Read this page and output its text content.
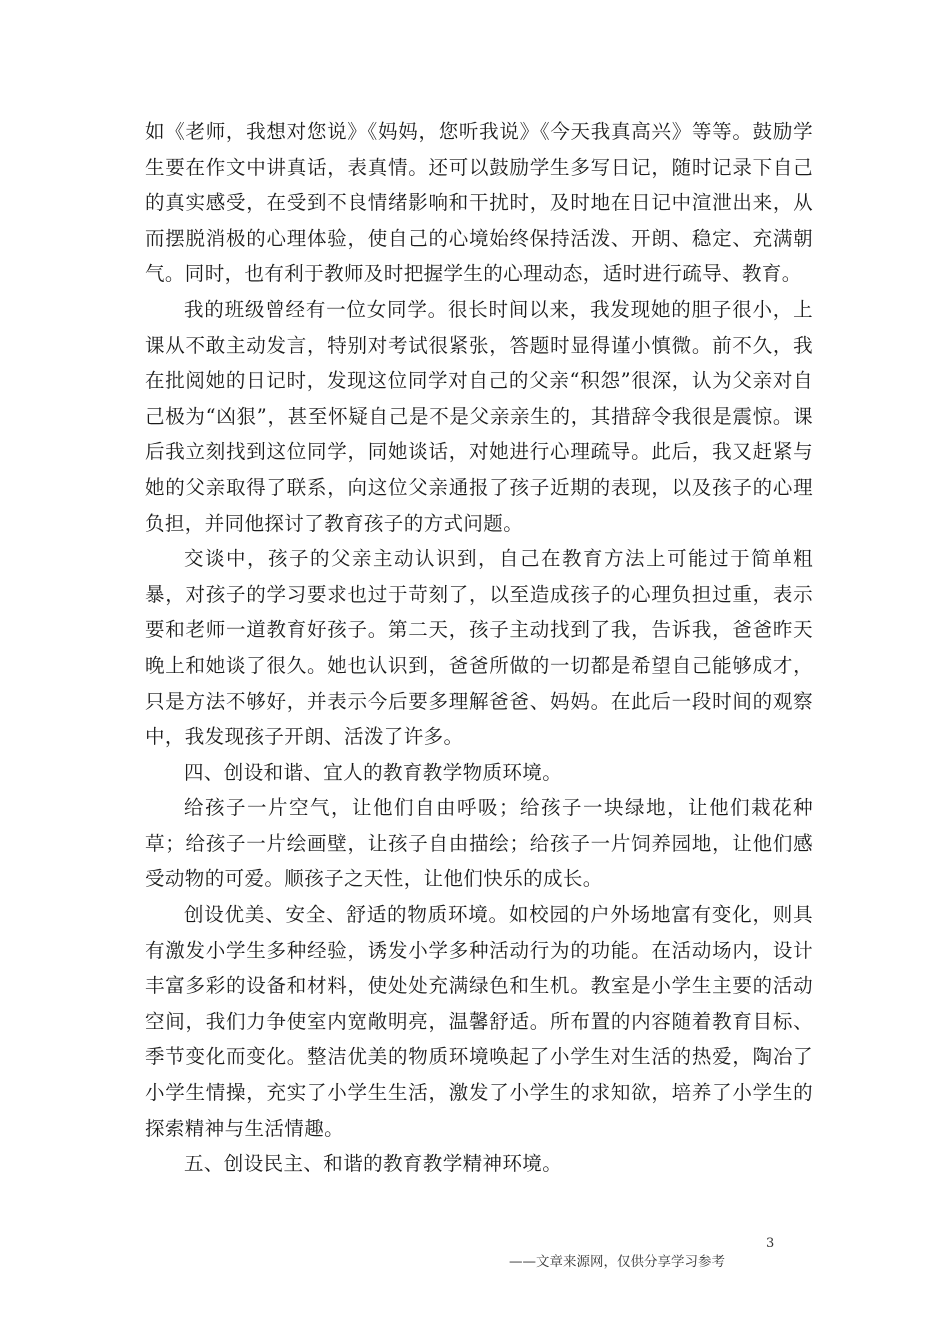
如《老师，我想对您说》《妈妈，您听我说》《今天我真高兴》等等。鼓励学生要在作文中讲真话，表真情。还可以鼓励学生多写日记，随时记录下自己的真实感受，在受到不良情绪影响和干扰时，及时地在日记中渲泄出来，从而摆脱消极的心理体验，使自己的心境始终保持活泼、开朗、稳定、充满朝气。同时，也有利于教师及时把握学生的心理动态，适时进行疏导、教育。

我的班级曾经有一位女同学。很长时间以来，我发现她的胆子很小，上课从不敢主动发言，特别对考试很紧张，答题时显得谨小慎微。前不久，我在批阅她的日记时，发现这位同学对自己的父亲“积怨”很深，认为父亲对自己极为“凶狠”，甚至怀疑自己是不是父亲亲生的，其措辞令我很是震惊。课后我立刻找到这位同学，同她谈话，对她进行心理疏导。此后，我又赶紧与她的父亲取得了联系，向这位父亲通报了孩子近期的表现，以及孩子的心理负担，并同他探讨了教育孩子的方式问题。

交谈中，孩子的父亲主动认识到，自己在教育方法上可能过于简单粗暴，对孩子的学习要求也过于苛刻了，以至造成孩子的心理负担过重，表示要和老师一道教育好孩子。第二天，孩子主动找到了我，告诉我，爸爸昨天晚上和她谈了很久。她也认识到，爸爸所做的一切都是希望自己能够成才，只是方法不够好，并表示今后要多理解爸爸、妈妈。在此后一段时间的观察中，我发现孩子开朗、活泼了许多。

四、创设和谐、宜人的教育教学物质环境。

给孩子一片空气，让他们自由呼吸；给孩子一块绿地，让他们栽花种草；给孩子一片绘画壁，让孩子自由描绘；给孩子一片饲养园地，让他们感受动物的可爱。顺孩子之天性，让他们快乐的成长。

创设优美、安全、舒适的物质环境。如校园的户外场地富有变化，则具有激发小学生多种经验，诱发小学多种活动行为的功能。在活动场内，设计丰富多彩的设备和材料，使处处充满绿色和生机。教室是小学生主要的活动空间，我们力争使室内宽敞明亮，温馨舒适。所布置的内容随着教育目标、季节变化而变化。整洁优美的物质环境唤起了小学生对生活的热爱，陶冶了小学生情操，充实了小学生生活，激发了小学生的求知欲，培养了小学生的探索精神与生活情趣。

五、创设民主、和谐的教育教学精神环境。

3
——文章来源网，仅供分享学习参考
